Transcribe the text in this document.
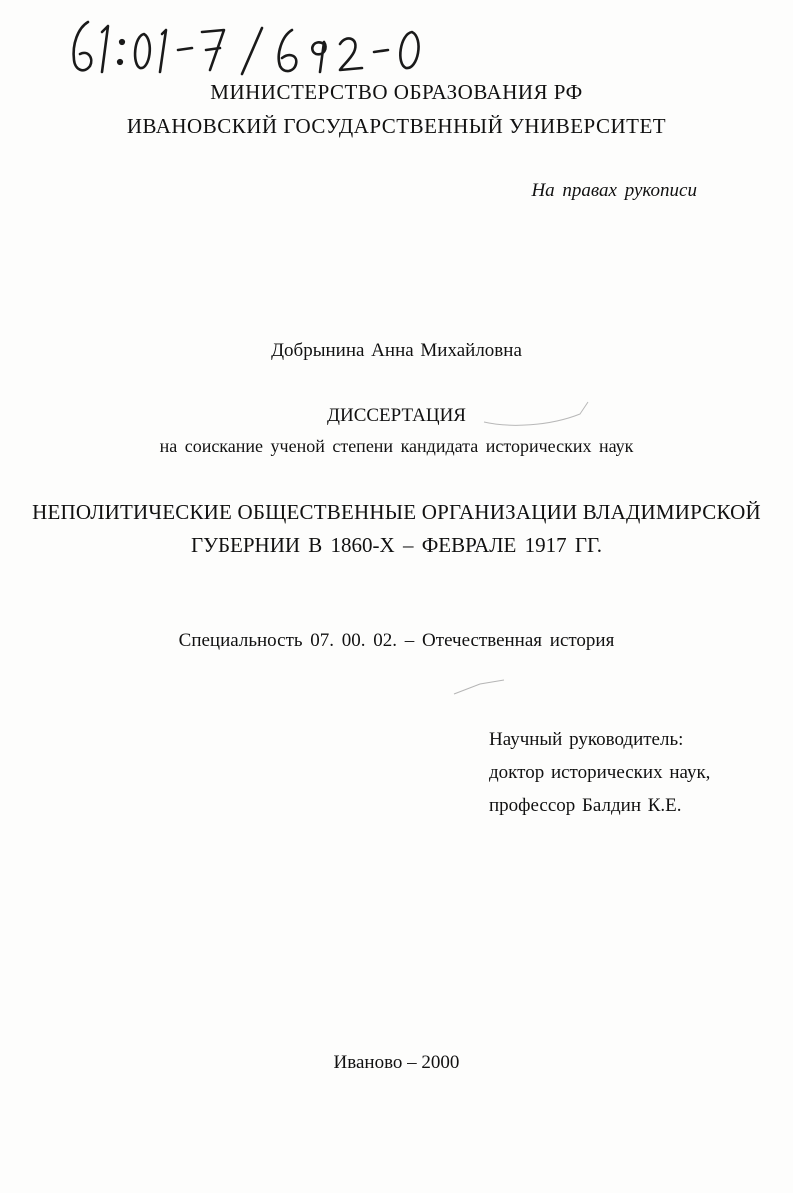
МИНИСТЕРСТВО ОБРАЗОВАНИЯ РФ
ИВАНОВСКИЙ ГОСУДАРСТВЕННЫЙ УНИВЕРСИТЕТ
На правах рукописи
Добрынина Анна Михайловна
ДИССЕРТАЦИЯ
на соискание ученой степени кандидата исторических наук
НЕПОЛИТИЧЕСКИЕ ОБЩЕСТВЕННЫЕ ОРГАНИЗАЦИИ ВЛАДИМИРСКОЙ
ГУБЕРНИИ В 1860-Х – ФЕВРАЛЕ 1917 ГГ.
Специальность 07. 00. 02. – Отечественная история
Научный руководитель:
доктор исторических наук,
профессор Балдин К.Е.
Иваново – 2000
